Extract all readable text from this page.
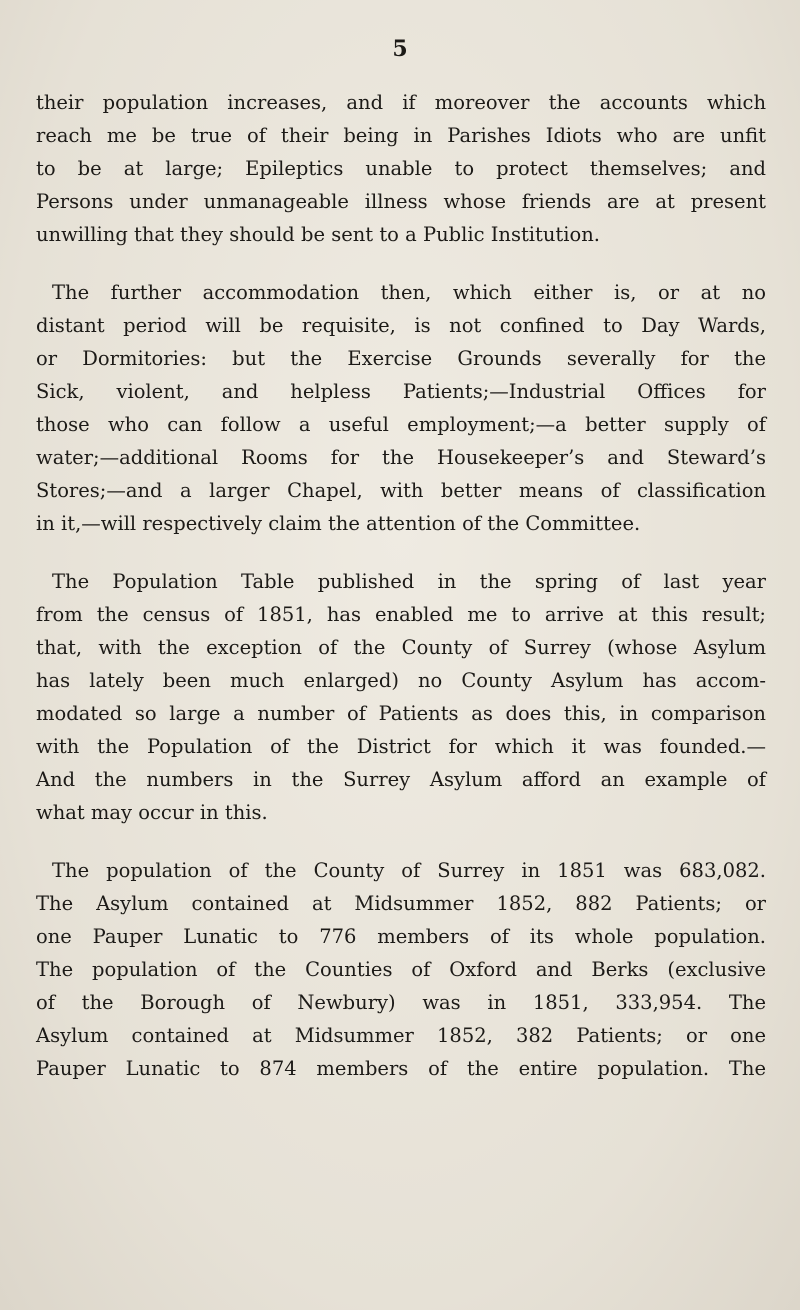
5

their population increases, and if moreover the accounts which
reach me be true of their being in Parishes Idiots who are unfit
to be at large; Epileptics unable to protect themselves; and
Persons under unmanageable illness whose friends are at present
unwilling that they should be sent to a Public Institution.

The further accommodation then, which either is, or at no
distant period will be requisite, is not confined to Day Wards,
or Dormitories: but the Exercise Grounds severally for the
Sick, violent, and helpless Patients;—Industrial Offices for
those who can follow a useful employment;—a better supply of
water;—additional Rooms for the Housekeeper’s and Steward’s
Stores;—and a larger Chapel, with better means of classification
in it,—will respectively claim the attention of the Committee.

The Population Table published in the spring of last year
from the census of 1851, has enabled me to arrive at this result;
that, with the exception of the County of Surrey (whose Asylum
has lately been much enlarged) no County Asylum has accom-
modated so large a number of Patients as does this, in comparison
with the Population of the District for which it was founded.—
And the numbers in the Surrey Asylum afford an example of
what may occur in this.

The population of the County of Surrey in 1851 was 683,082.
The Asylum contained at Midsummer 1852, 882 Patients; or
one Pauper Lunatic to 776 members of its whole population.
The population of the Counties of Oxford and Berks (exclusive
of the Borough of Newbury) was in 1851, 333,954. The
Asylum contained at Midsummer 1852, 382 Patients; or one
Pauper Lunatic to 874 members of the entire population. The
